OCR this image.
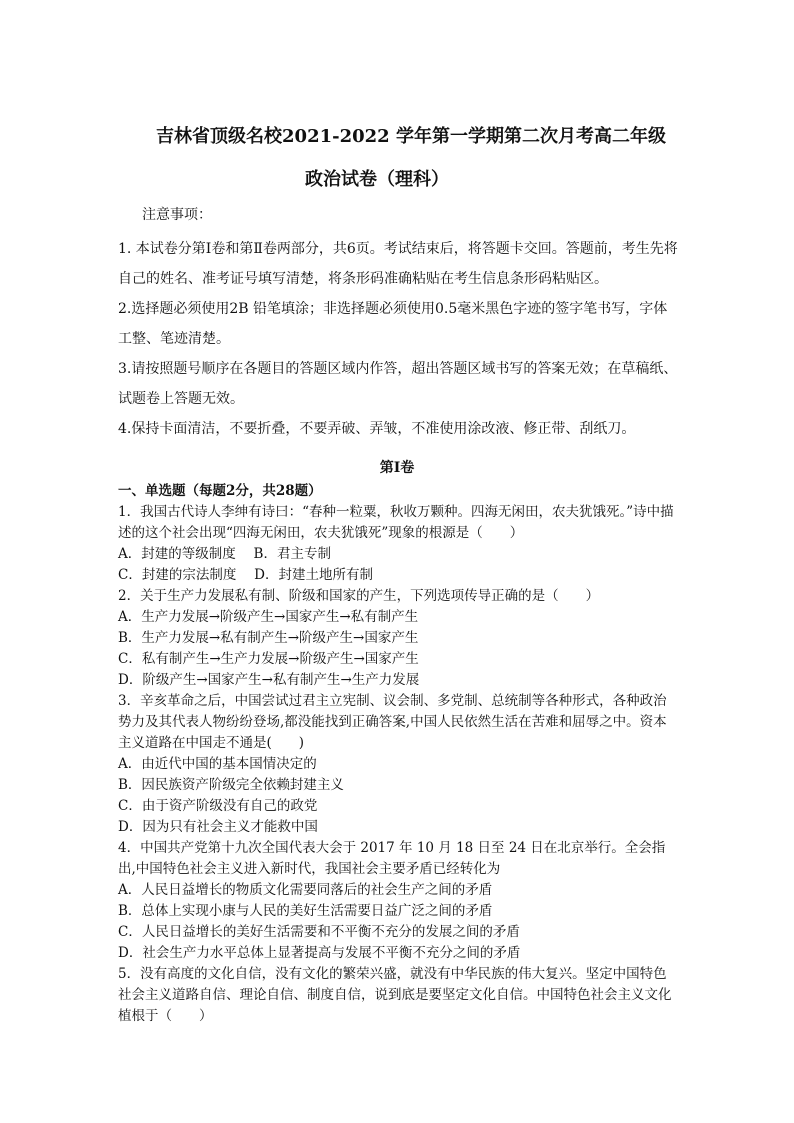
吉林省顶级名校2021-2022 学年第一学期第二次月考高二年级
政治试卷（理科）
注意事项：

1. 本试卷分第Ⅰ卷和第Ⅱ卷两部分，共6页。考试结束后，将答题卡交回。答题前，考生先将自己的姓名、准考证号填写清楚，将条形码准确粘贴在考生信息条形码粘贴区。

2.选择题必须使用2B 铅笔填涂；非选择题必须使用0.5毫米黑色字迹的签字笔书写，字体工整、笔迹清楚。

3.请按照题号顺序在各题目的答题区域内作答，超出答题区域书写的答案无效；在草稿纸、试题卷上答题无效。

4.保持卡面清洁，不要折叠，不要弄破、弄皱，不准使用涂改液、修正带、刮纸刀。

第Ⅰ卷

一、单选题（每题2分，共28题）

1．我国古代诗人李绅有诗曰：“春种一粒粟，秋收万颗种。四海无闲田，农夫犹饿死。”诗中描述的这个社会出现“四海无闲田，农夫犹饿死”现象的根源是（　　）

A．封建的等级制度　 B．君主专制

C．封建的宗法制度　 D．封建土地所有制

2．关于生产力发展私有制、阶级和国家的产生，下列选项传导正确的是（　　）

A．生产力发展→阶级产生→国家产生→私有制产生

B．生产力发展→私有制产生→阶级产生→国家产生

C．私有制产生→生产力发展→阶级产生→国家产生

D．阶级产生→国家产生→私有制产生→生产力发展

3．辛亥革命之后，中国尝试过君主立宪制、议会制、多党制、总统制等各种形式，各种政治势力及其代表人物纷纷登场,都没能找到正确答案,中国人民依然生活在苦难和屈辱之中。资本主义道路在中国走不通是(　　)

A．由近代中国的基本国情决定的

B．因民族资产阶级完全依赖封建主义

C．由于资产阶级没有自己的政党

D．因为只有社会主义才能救中国

4．中国共产党第十九次全国代表大会于 2017 年 10 月 18 日至 24 日在北京举行。全会指出,中国特色社会主义进入新时代，我国社会主要矛盾已经转化为

A．人民日益增长的物质文化需要同落后的社会生产之间的矛盾

B．总体上实现小康与人民的美好生活需要日益广泛之间的矛盾

C．人民日益增长的美好生活需要和不平衡不充分的发展之间的矛盾

D．社会生产力水平总体上显著提高与发展不平衡不充分之间的矛盾

5．没有高度的文化自信，没有文化的繁荣兴盛，就没有中华民族的伟大复兴。坚定中国特色社会主义道路自信、理论自信、制度自信，说到底是要坚定文化自信。中国特色社会主义文化植根于（　　）
